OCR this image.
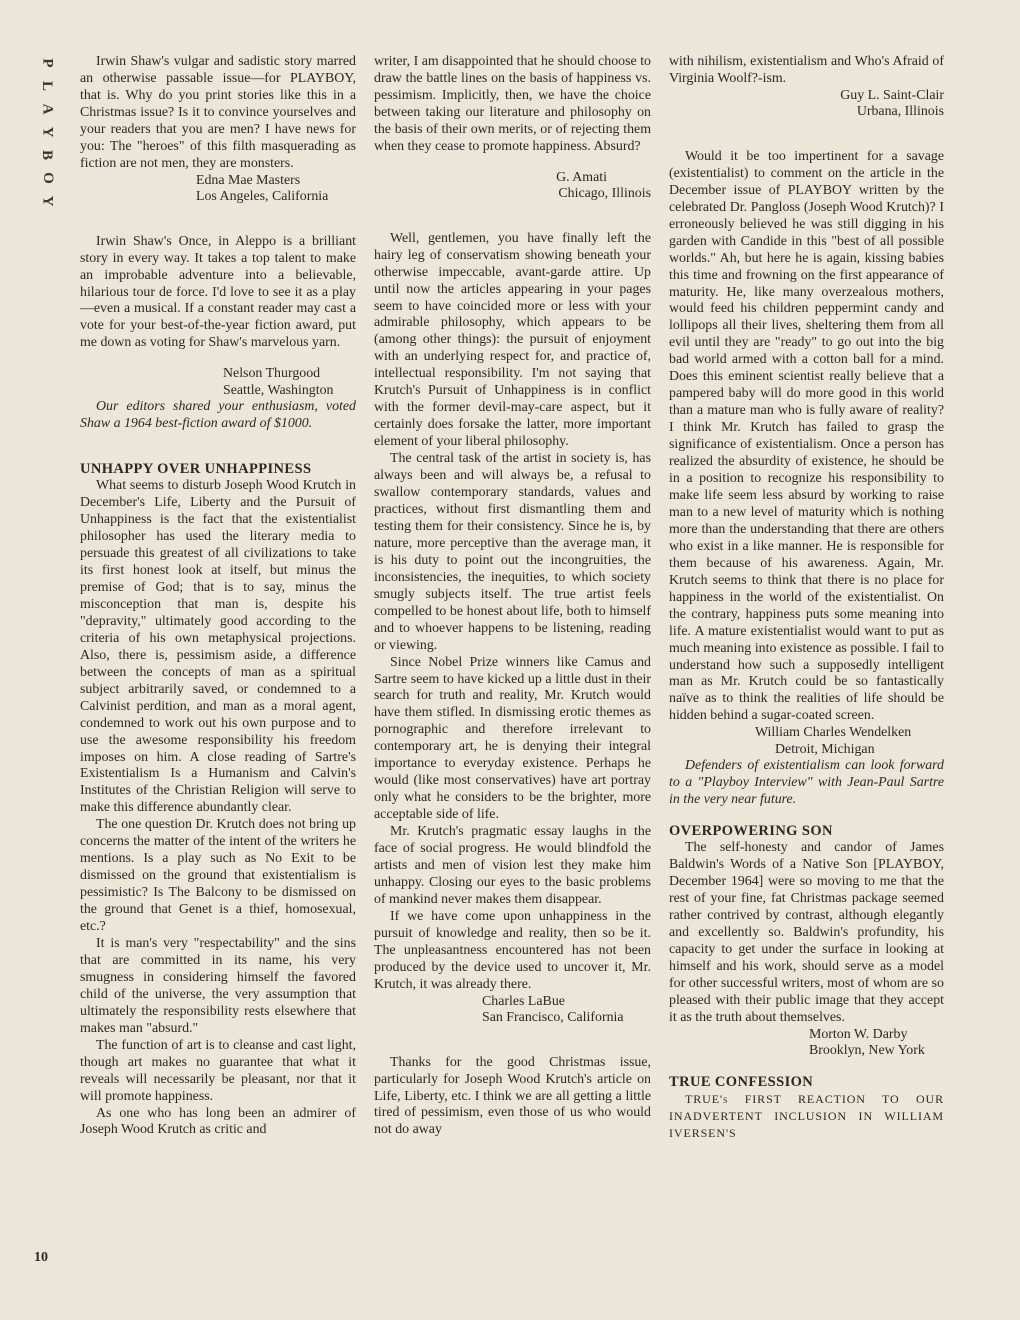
P
L
A
Y
B
O
Y
10

Irwin Shaw's vulgar and sadistic story marred an otherwise passable issue—for PLAYBOY, that is. Why do you print stories like this in a Christmas issue? Is it to convince yourselves and your readers that you are men? I have news for you: The "heroes" of this filth masquerading as fiction are not men, they are monsters.

Edna Mae Masters
Los Angeles, California

Irwin Shaw's Once, in Aleppo is a brilliant story in every way. It takes a top talent to make an improbable adventure into a believable, hilarious tour de force. I'd love to see it as a play—even a musical. If a constant reader may cast a vote for your best-of-the-year fiction award, put me down as voting for Shaw's marvelous yarn.

Nelson Thurgood
Seattle, Washington

Our editors shared your enthusiasm, voted Shaw a 1964 best-fiction award of $1000.

UNHAPPY OVER UNHAPPINESS

What seems to disturb Joseph Wood Krutch in December's Life, Liberty and the Pursuit of Unhappiness is the fact that the existentialist philosopher has used the literary media to persuade this greatest of all civilizations to take its first honest look at itself, but minus the premise of God; that is to say, minus the misconception that man is, despite his "depravity," ultimately good according to the criteria of his own metaphysical projections. Also, there is, pessimism aside, a difference between the concepts of man as a spiritual subject arbitrarily saved, or condemned to a Calvinist perdition, and man as a moral agent, condemned to work out his own purpose and to use the awesome responsibility his freedom imposes on him. A close reading of Sartre's Existentialism Is a Humanism and Calvin's Institutes of the Christian Religion will serve to make this difference abundantly clear.

The one question Dr. Krutch does not bring up concerns the matter of the intent of the writers he mentions. Is a play such as No Exit to be dismissed on the ground that existentialism is pessimistic? Is The Balcony to be dismissed on the ground that Genet is a thief, homosexual, etc.?

It is man's very "respectability" and the sins that are committed in its name, his very smugness in considering himself the favored child of the universe, the very assumption that ultimately the responsibility rests elsewhere that makes man "absurd."

The function of art is to cleanse and cast light, though art makes no guarantee that what it reveals will necessarily be pleasant, nor that it will promote happiness.

As one who has long been an admirer of Joseph Wood Krutch as critic and

writer, I am disappointed that he should choose to draw the battle lines on the basis of happiness vs. pessimism. Implicitly, then, we have the choice between taking our literature and philosophy on the basis of their own merits, or of rejecting them when they cease to promote happiness. Absurd?

G. Amati
Chicago, Illinois

Well, gentlemen, you have finally left the hairy leg of conservatism showing beneath your otherwise impeccable, avant-garde attire. Up until now the articles appearing in your pages seem to have coincided more or less with your admirable philosophy, which appears to be (among other things): the pursuit of enjoyment with an underlying respect for, and practice of, intellectual responsibility. I'm not saying that Krutch's Pursuit of Unhappiness is in conflict with the former devil-may-care aspect, but it certainly does forsake the latter, more important element of your liberal philosophy.

The central task of the artist in society is, has always been and will always be, a refusal to swallow contemporary standards, values and practices, without first dismantling them and testing them for their consistency. Since he is, by nature, more perceptive than the average man, it is his duty to point out the incongruities, the inconsistencies, the inequities, to which society smugly subjects itself. The true artist feels compelled to be honest about life, both to himself and to whoever happens to be listening, reading or viewing.

Since Nobel Prize winners like Camus and Sartre seem to have kicked up a little dust in their search for truth and reality, Mr. Krutch would have them stifled. In dismissing erotic themes as pornographic and therefore irrelevant to contemporary art, he is denying their integral importance to everyday existence. Perhaps he would (like most conservatives) have art portray only what he considers to be the brighter, more acceptable side of life.

Mr. Krutch's pragmatic essay laughs in the face of social progress. He would blindfold the artists and men of vision lest they make him unhappy. Closing our eyes to the basic problems of mankind never makes them disappear.

If we have come upon unhappiness in the pursuit of knowledge and reality, then so be it. The unpleasantness encountered has not been produced by the device used to uncover it, Mr. Krutch, it was already there.

Charles LaBue
San Francisco, California

Thanks for the good Christmas issue, particularly for Joseph Wood Krutch's article on Life, Liberty, etc. I think we are all getting a little tired of pessimism, even those of us who would not do away

with nihilism, existentialism and Who's Afraid of Virginia Woolf?-ism.

Guy L. Saint-Clair
Urbana, Illinois

Would it be too impertinent for a savage (existentialist) to comment on the article in the December issue of PLAYBOY written by the celebrated Dr. Pangloss (Joseph Wood Krutch)? I erroneously believed he was still digging in his garden with Candide in this "best of all possible worlds." Ah, but here he is again, kissing babies this time and frowning on the first appearance of maturity. He, like many overzealous mothers, would feed his children peppermint candy and lollipops all their lives, sheltering them from all evil until they are "ready" to go out into the big bad world armed with a cotton ball for a mind. Does this eminent scientist really believe that a pampered baby will do more good in this world than a mature man who is fully aware of reality? I think Mr. Krutch has failed to grasp the significance of existentialism. Once a person has realized the absurdity of existence, he should be in a position to recognize his responsibility to make life seem less absurd by working to raise man to a new level of maturity which is nothing more than the understanding that there are others who exist in a like manner. He is responsible for them because of his awareness. Again, Mr. Krutch seems to think that there is no place for happiness in the world of the existentialist. On the contrary, happiness puts some meaning into life. A mature existentialist would want to put as much meaning into existence as possible. I fail to understand how such a supposedly intelligent man as Mr. Krutch could be so fantastically naïve as to think the realities of life should be hidden behind a sugar-coated screen.

William Charles Wendelken
Detroit, Michigan

Defenders of existentialism can look forward to a "Playboy Interview" with Jean-Paul Sartre in the very near future.

OVERPOWERING SON

The self-honesty and candor of James Baldwin's Words of a Native Son [PLAYBOY, December 1964] were so moving to me that the rest of your fine, fat Christmas package seemed rather contrived by contrast, although elegantly and excellently so. Baldwin's profundity, his capacity to get under the surface in looking at himself and his work, should serve as a model for other successful writers, most of whom are so pleased with their public image that they accept it as the truth about themselves.

Morton W. Darby
Brooklyn, New York
TRUE CONFESSION

TRUE's FIRST REACTION TO OUR INADVERTENT INCLUSION IN WILLIAM IVERSEN'S
